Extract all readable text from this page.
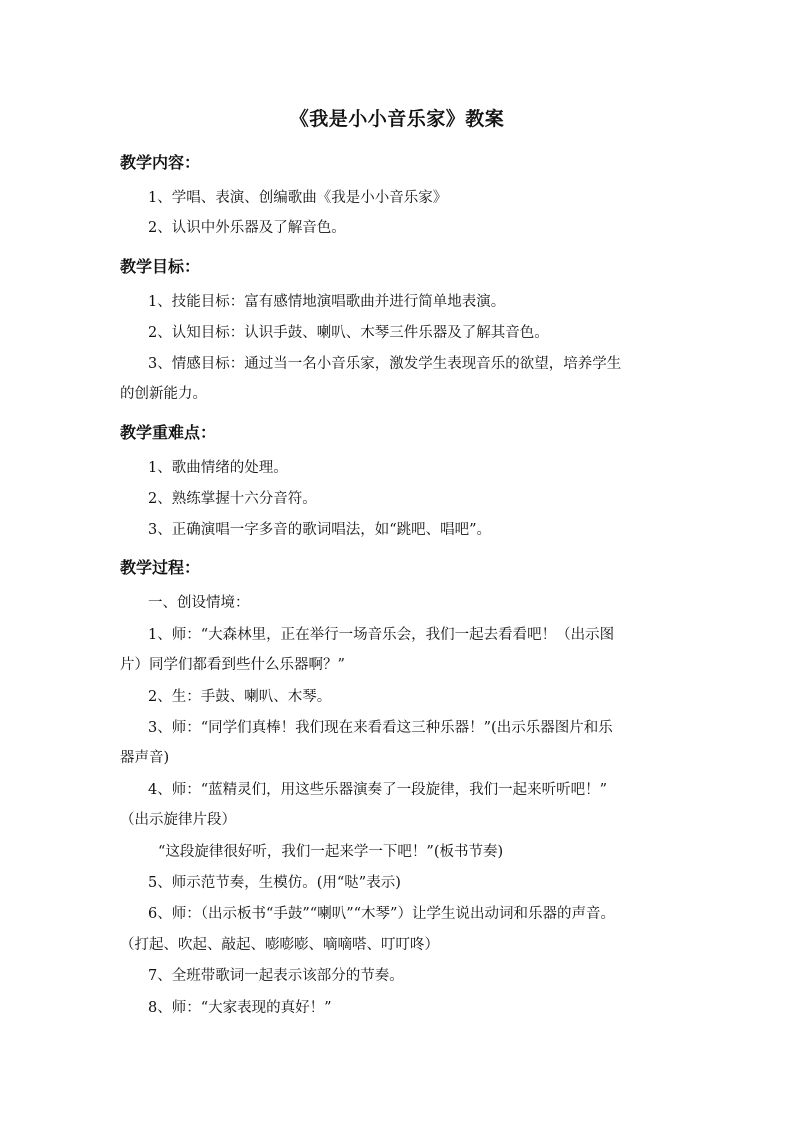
《我是小小音乐家》教案
教学内容：
1、学唱、表演、创编歌曲《我是小小音乐家》
2、认识中外乐器及了解音色。
教学目标：
1、技能目标：富有感情地演唱歌曲并进行简单地表演。
2、认知目标：认识手鼓、喇叭、木琴三件乐器及了解其音色。
3、情感目标：通过当一名小音乐家，激发学生表现音乐的欲望，培养学生
的创新能力。
教学重难点：
1、歌曲情绪的处理。
2、熟练掌握十六分音符。
3、正确演唱一字多音的歌词唱法，如“跳吧、唱吧”。
教学过程：
一、创设情境：
1、师：“大森林里，正在举行一场音乐会，我们一起去看看吧！（出示图
片）同学们都看到些什么乐器啊？”
2、生：手鼓、喇叭、木琴。
3、师：“同学们真棒！我们现在来看看这三种乐器！”(出示乐器图片和乐
器声音)
4、师：“蓝精灵们，用这些乐器演奏了一段旋律，我们一起来听听吧！”
（出示旋律片段）
“这段旋律很好听，我们一起来学一下吧！”(板书节奏)
5、师示范节奏，生模仿。(用“哒”表示)
6、师：（出示板书“手鼓”“喇叭”“木琴”）让学生说出动词和乐器的声音。
（打起、吹起、敲起、嘭嘭嘭、嘀嘀嗒、叮叮咚）
7、全班带歌词一起表示该部分的节奏。
8、师：“大家表现的真好！”
